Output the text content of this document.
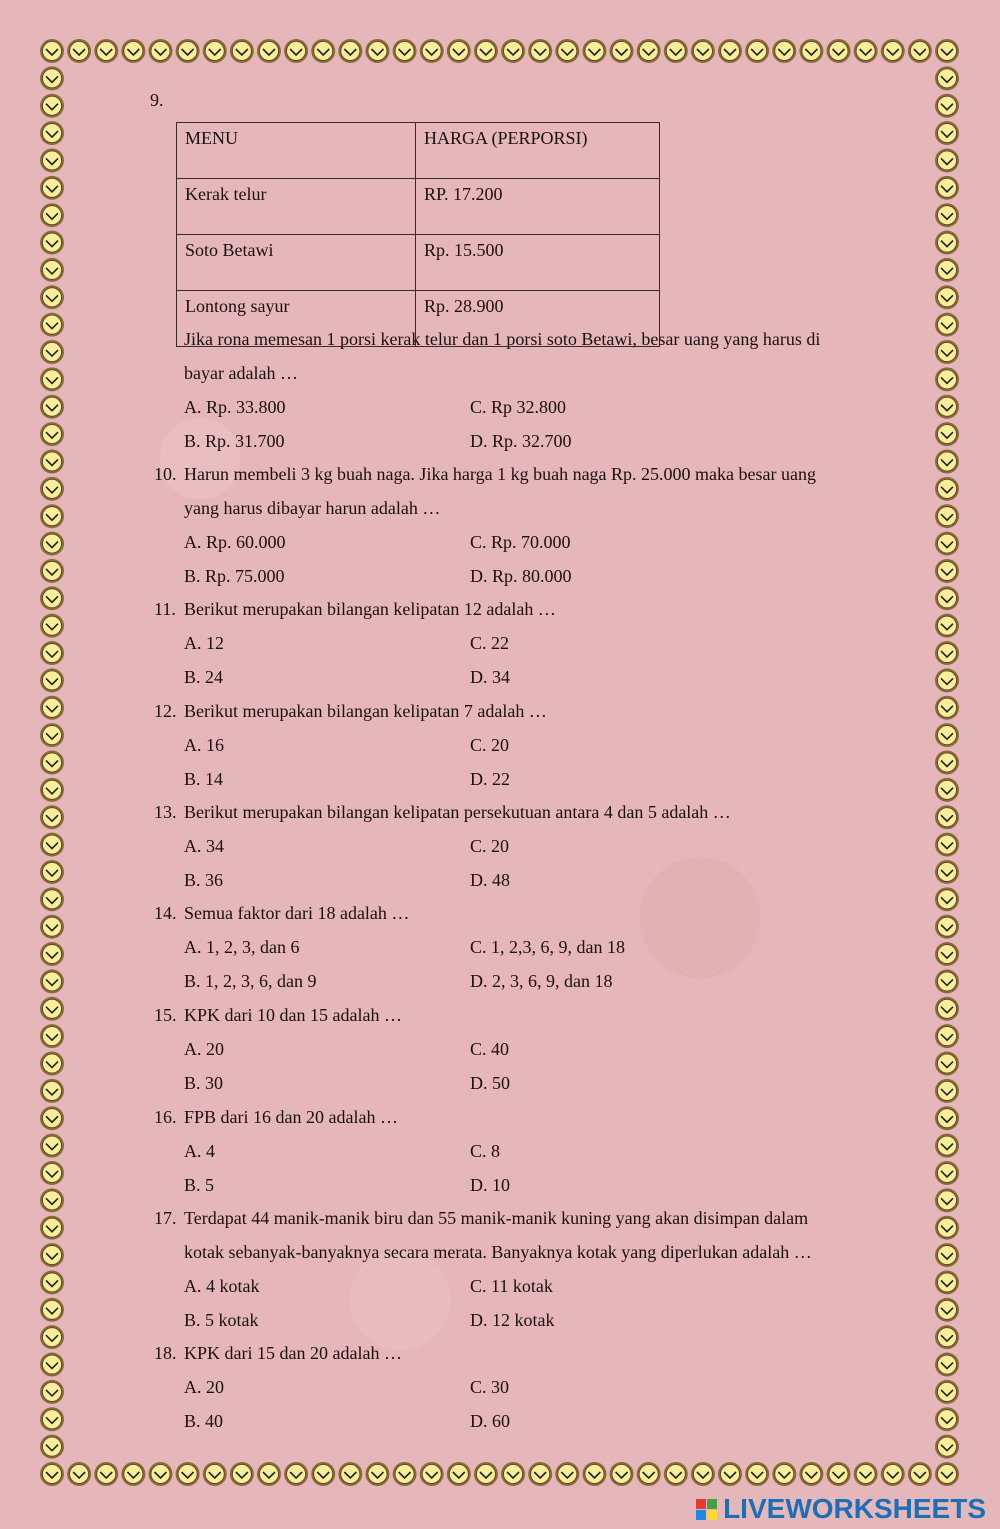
9.
MENU	HARGA (PERPORSI)
Kerak telur	RP. 17.200
Soto Betawi	Rp. 15.500
Lontong sayur	Rp. 28.900
Jika rona memesan 1 porsi kerak telur dan 1 porsi soto Betawi, besar uang yang harus di
bayar adalah …
A. Rp. 33.800	C. Rp 32.800
B. Rp. 31.700	D. Rp. 32.700
10. Harun membeli 3 kg buah naga. Jika harga 1 kg buah naga Rp. 25.000 maka besar uang
yang harus dibayar harun adalah …
A. Rp. 60.000	C. Rp. 70.000
B. Rp. 75.000	D. Rp. 80.000
11. Berikut merupakan bilangan kelipatan 12 adalah …
A. 12	C. 22
B. 24	D. 34
12. Berikut merupakan bilangan kelipatan 7 adalah …
A. 16	C. 20
B. 14	D. 22
13. Berikut merupakan bilangan kelipatan persekutuan antara 4 dan 5 adalah …
A. 34	C. 20
B. 36	D. 48
14. Semua faktor dari 18 adalah …
A. 1, 2, 3, dan 6	C. 1, 2,3, 6, 9, dan 18
B. 1, 2, 3, 6, dan 9	D. 2, 3, 6, 9, dan 18
15. KPK dari 10 dan 15 adalah …
A. 20	C. 40
B. 30	D. 50
16. FPB dari 16 dan 20 adalah …
A. 4	C. 8
B. 5	D. 10
17. Terdapat 44 manik-manik biru dan 55 manik-manik kuning yang akan disimpan dalam
kotak sebanyak-banyaknya secara merata. Banyaknya kotak yang diperlukan adalah …
A. 4 kotak	C. 11 kotak
B. 5 kotak	D. 12 kotak
18. KPK dari 15 dan 20 adalah …
A. 20	C. 30
B. 40	D. 60
LIVEWORKSHEETS
